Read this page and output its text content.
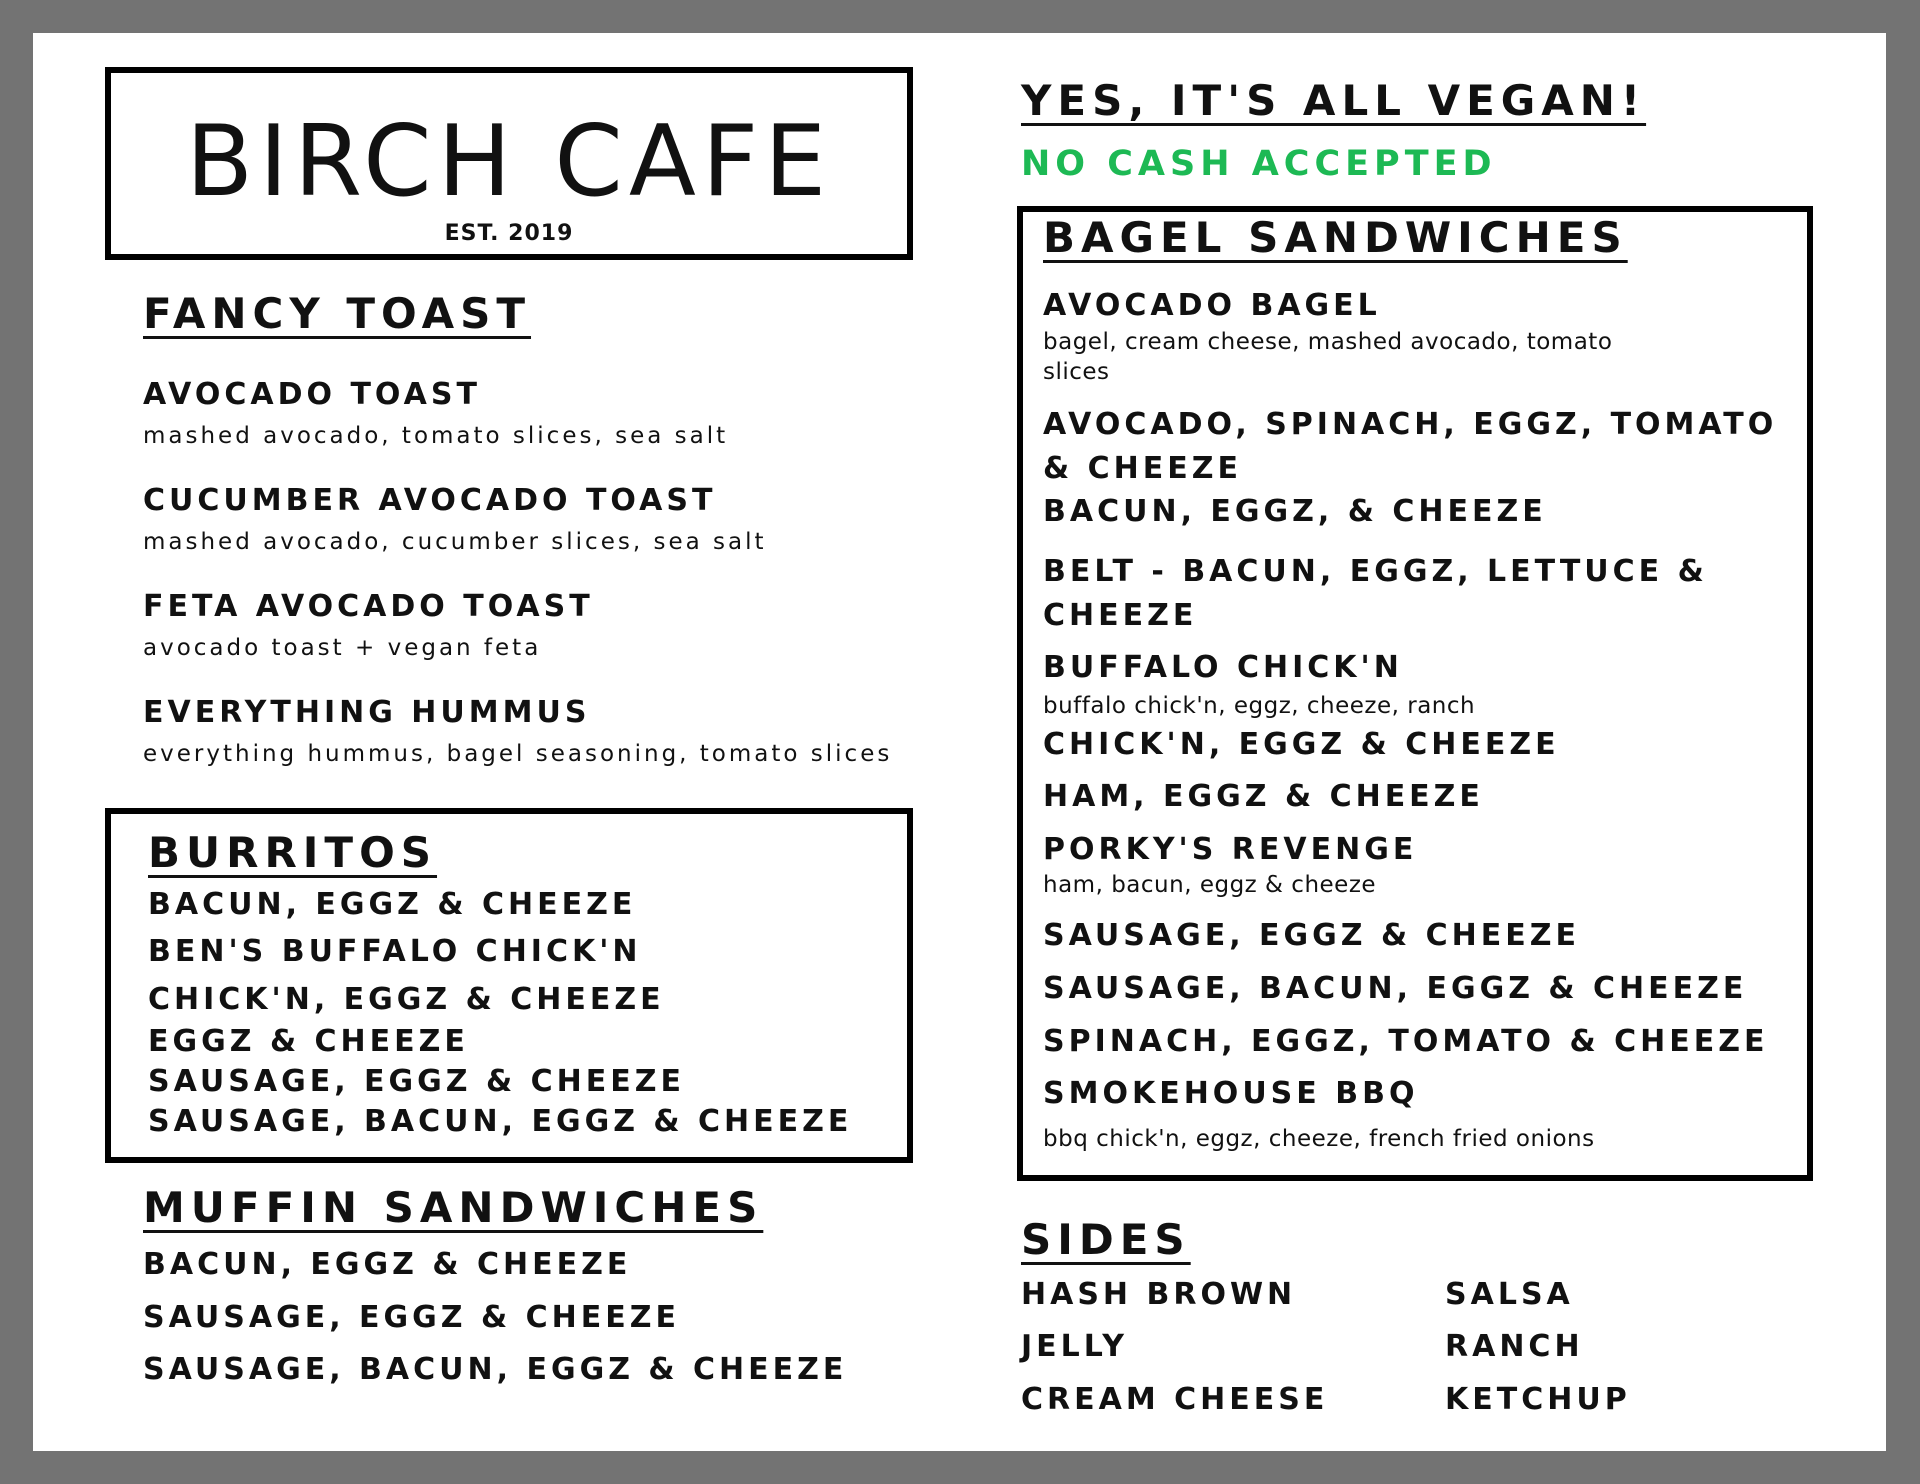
BIRCH CAFE
EST. 2019
FANCY TOAST
AVOCADO TOAST
mashed avocado, tomato slices, sea salt
CUCUMBER AVOCADO TOAST
mashed avocado, cucumber slices, sea salt
FETA AVOCADO TOAST
avocado toast + vegan feta
EVERYTHING HUMMUS
everything hummus, bagel seasoning, tomato slices
BURRITOS
BACUN, EGGZ & CHEEZE
BEN'S BUFFALO CHICK'N
CHICK'N, EGGZ & CHEEZE
EGGZ & CHEEZE
SAUSAGE, EGGZ & CHEEZE
SAUSAGE, BACUN, EGGZ & CHEEZE
MUFFIN SANDWICHES
BACUN, EGGZ & CHEEZE
SAUSAGE, EGGZ & CHEEZE
SAUSAGE, BACUN, EGGZ & CHEEZE
YES, IT'S ALL VEGAN!
NO CASH ACCEPTED
BAGEL SANDWICHES
AVOCADO BAGEL
bagel, cream cheese, mashed avocado, tomato slices
AVOCADO, SPINACH, EGGZ, TOMATO & CHEEZE
BACUN, EGGZ, & CHEEZE
BELT - BACUN, EGGZ, LETTUCE & CHEEZE
BUFFALO CHICK'N
buffalo chick'n, eggz, cheeze, ranch
CHICK'N, EGGZ & CHEEZE
HAM, EGGZ & CHEEZE
PORKY'S REVENGE
ham, bacun, eggz & cheeze
SAUSAGE, EGGZ & CHEEZE
SAUSAGE, BACUN, EGGZ & CHEEZE
SPINACH, EGGZ, TOMATO & CHEEZE
SMOKEHOUSE BBQ
bbq chick'n, eggz, cheeze, french fried onions
SIDES
HASH BROWN
JELLY
CREAM CHEESE
SALSA
RANCH
KETCHUP
